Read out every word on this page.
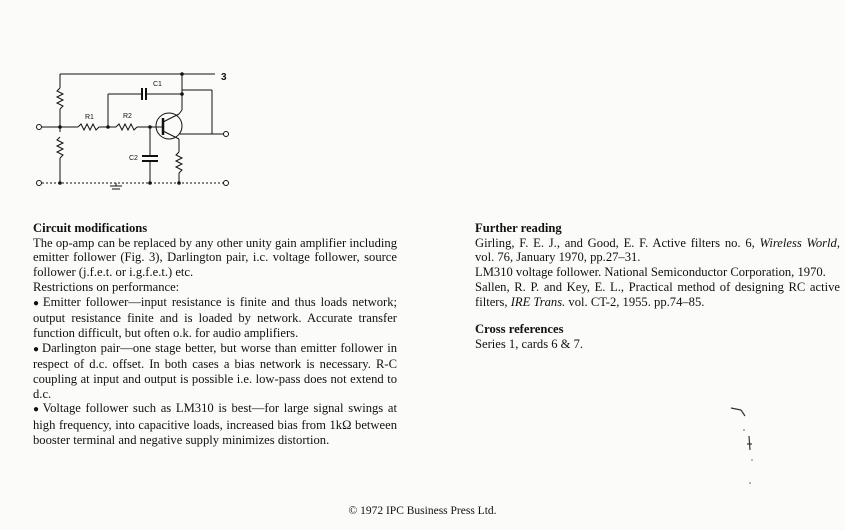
3
C1
C2
R1	R2
Circuit modifications

The op-amp can be replaced by any other unity gain amplifier including emitter follower (Fig. 3), Darlington pair, i.c. voltage follower, source follower (j.f.e.t. or i.g.f.e.t.) etc.

Restrictions on performance:

● Emitter follower—input resistance is finite and thus loads network; output resistance finite and is loaded by network. Accurate transfer function difficult, but often o.k. for audio amplifiers.

● Darlington pair—one stage better, but worse than emitter follower in respect of d.c. offset. In both cases a bias network is necessary. R-C coupling at input and output is possible i.e. low-pass does not extend to d.c.

● Voltage follower such as LM310 is best—for large signal swings at high frequency, into capacitive loads, increased bias from 1kΩ between booster terminal and negative supply minimizes distortion.

Further reading

Girling, F. E. J., and Good, E. F. Active filters no. 6, Wireless World, vol. 76, January 1970, pp.27–31.

LM310 voltage follower. National Semiconductor Corporation, 1970.

Sallen, R. P. and Key, E. L., Practical method of designing RC active filters, IRE Trans. vol. CT-2, 1955. pp.74–85.

Cross references

Series 1, cards 6 & 7.

© 1972 IPC Business Press Ltd.
